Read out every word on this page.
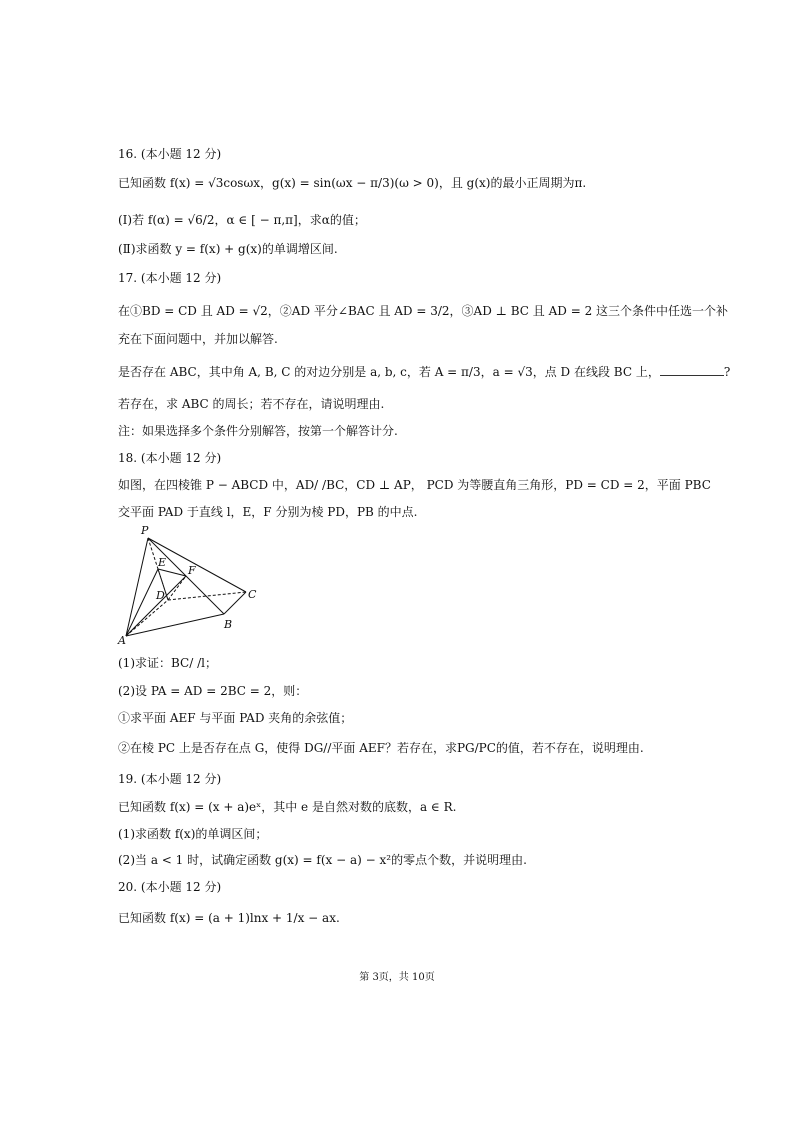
16. (本小题 12 分)
已知函数 f(x) = √3cosωx，g(x) = sin(ωx − π/3)(ω > 0)，且 g(x)的最小正周期为π.
(Ⅰ)若 f(α) = √6/2，α ∈ [ − π,π]，求α的值；
(Ⅱ)求函数 y = f(x) + g(x)的单调增区间.
17. (本小题 12 分)
在①BD = CD 且 AD = √2，②AD 平分∠BAC 且 AD = 3/2，③AD ⊥ BC 且 AD = 2 这三个条件中任选一个补
充在下面问题中，并加以解答.
是否存在 ABC，其中角 A, B, C 的对边分别是 a, b, c，若 A = π/3，a = √3，点 D 在线段 BC 上，	?
若存在，求 ABC 的周长；若不存在，请说明理由.
注：如果选择多个条件分别解答，按第一个解答计分.
18. (本小题 12 分)
如图，在四棱锥 P − ABCD 中，AD/ /BC，CD ⊥ AP， PCD 为等腰直角三角形，PD = CD = 2，平面 PBC
交平面 PAD 于直线 l，E，F 分别为棱 PD，PB 的中点.
P
E
F
D	C
B
A
(1)求证：BC/ /l；
(2)设 PA = AD = 2BC = 2，则：
①求平面 AEF 与平面 PAD 夹角的余弦值；
②在棱 PC 上是否存在点 G，使得 DG//平面 AEF？若存在，求PG/PC的值，若不存在，说明理由.
19. (本小题 12 分)
已知函数 f(x) = (x + a)eˣ，其中 e 是自然对数的底数，a ∈ R.
(1)求函数 f(x)的单调区间；
(2)当 a < 1 时，试确定函数 g(x) = f(x − a) − x²的零点个数，并说明理由.
20. (本小题 12 分)
已知函数 f(x) = (a + 1)lnx + 1/x − ax.
第 3页，共 10页
